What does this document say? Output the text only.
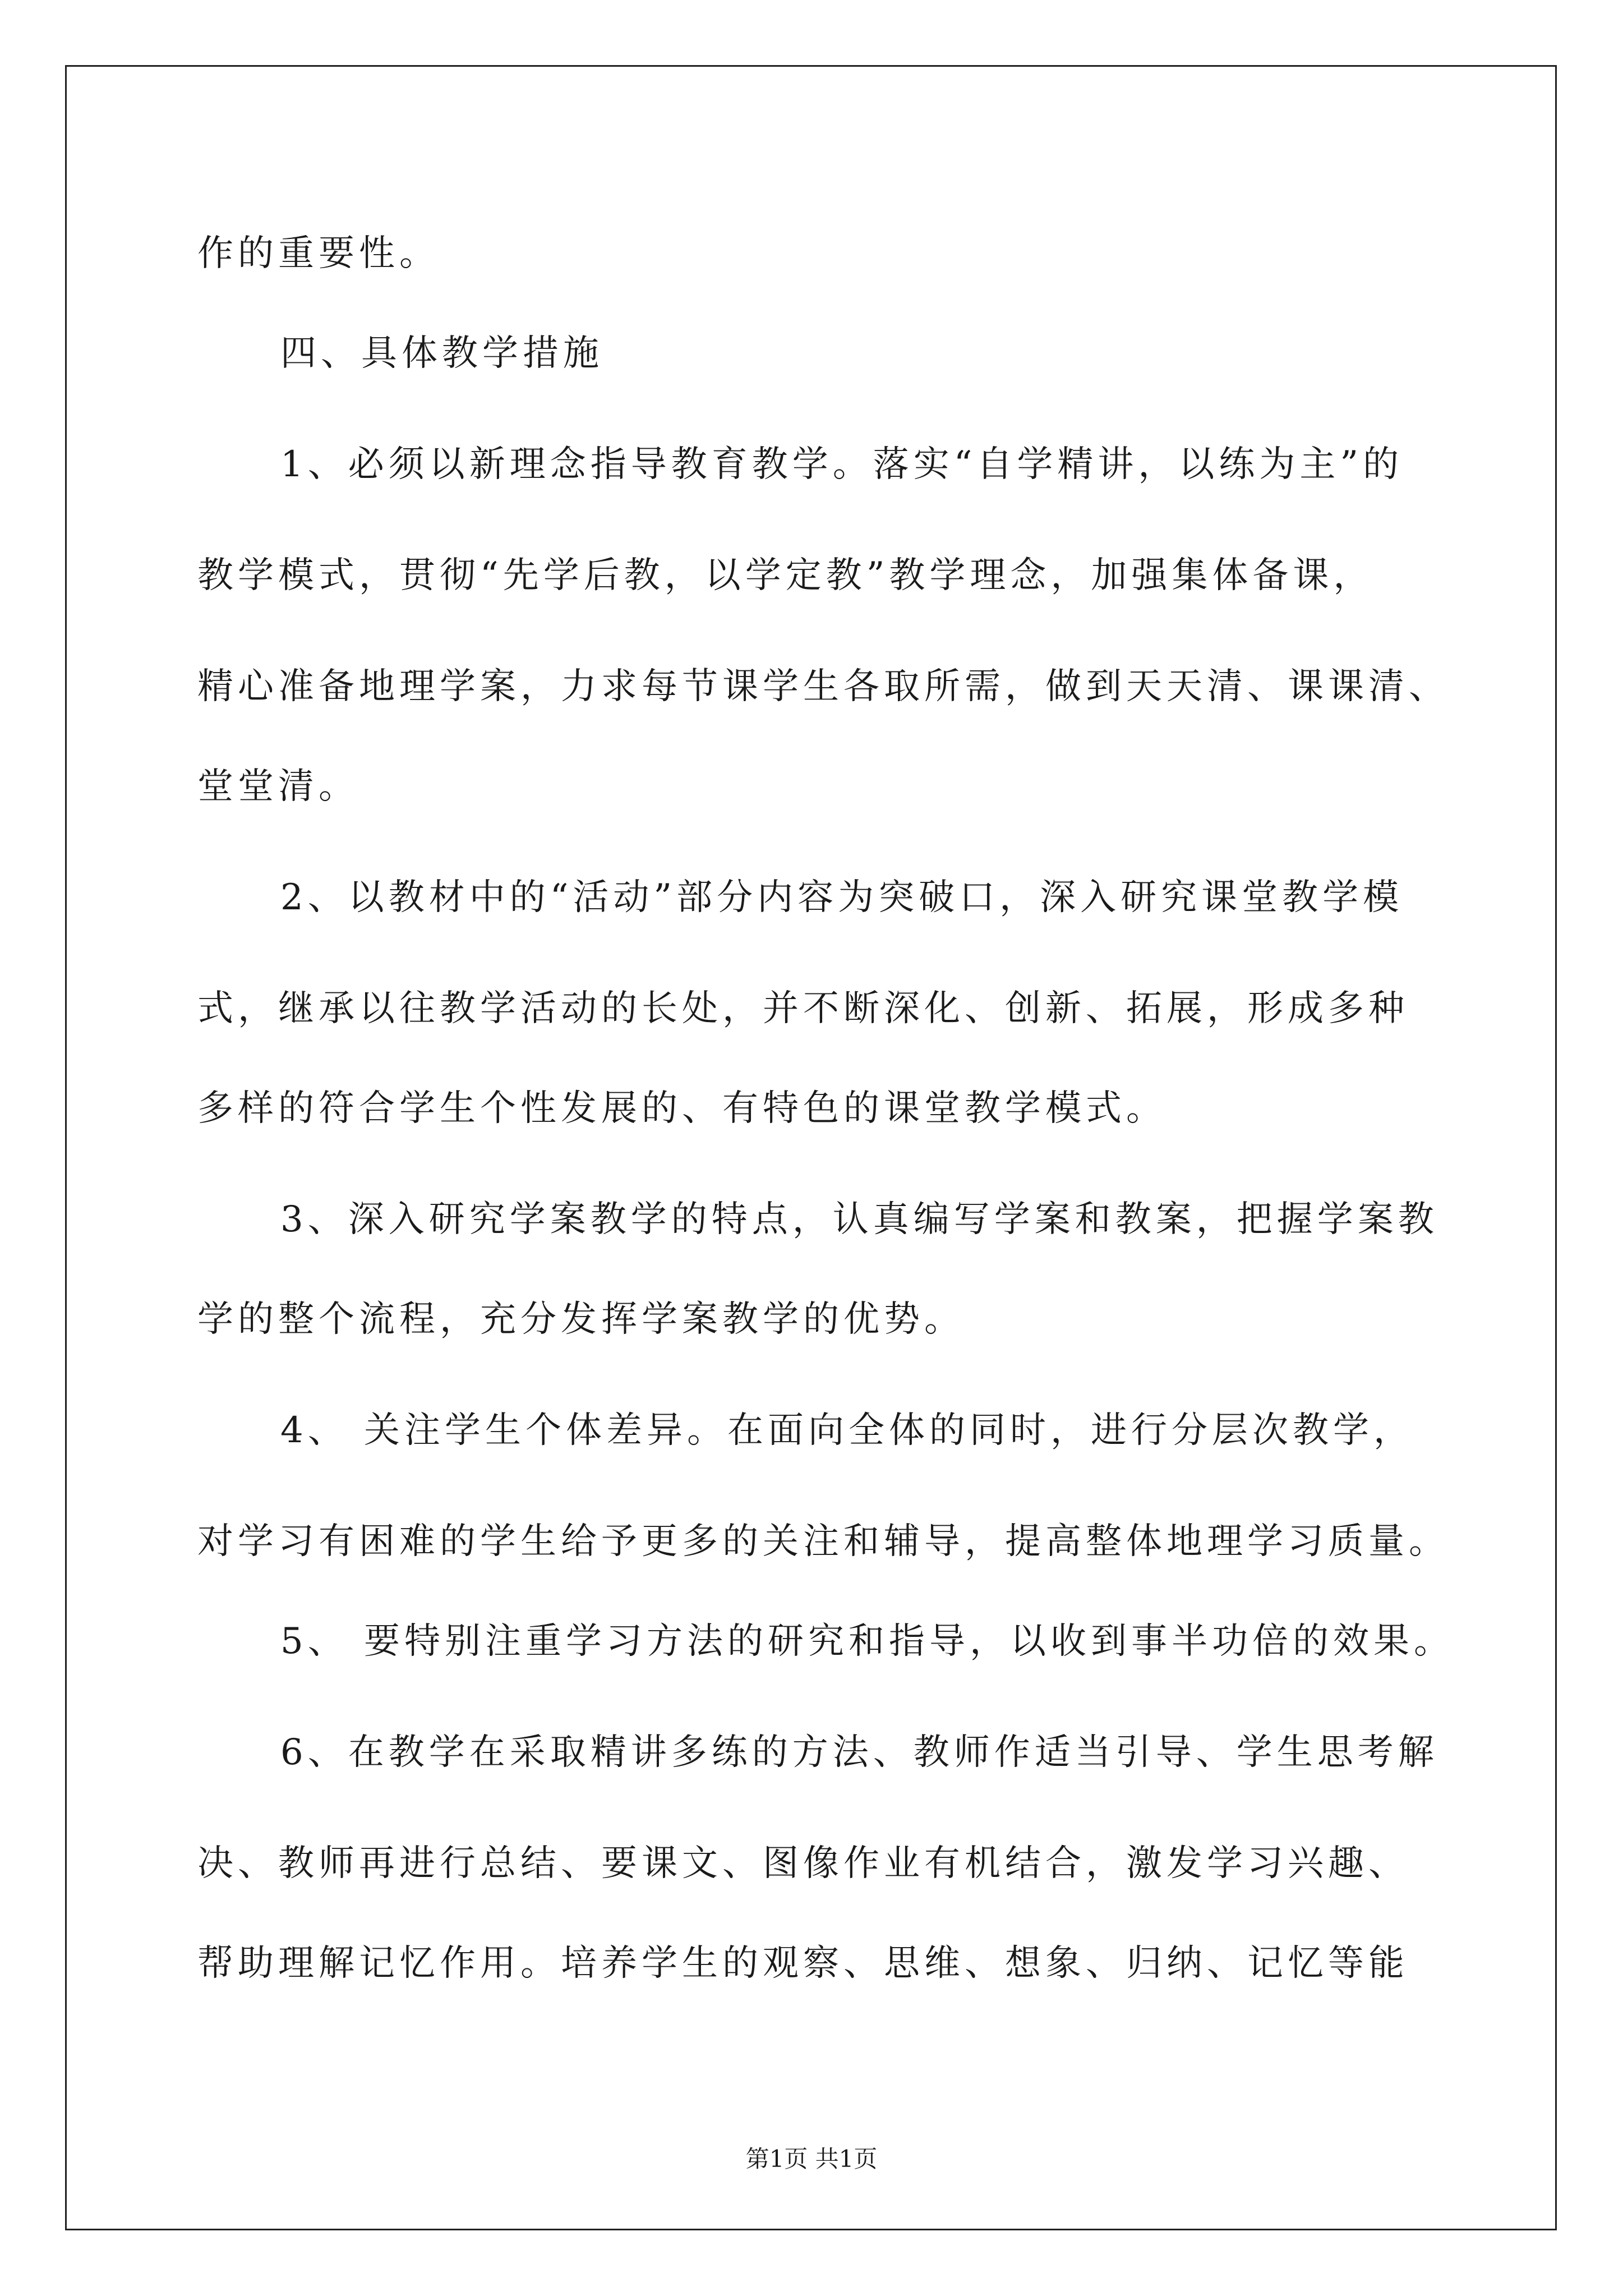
作的重要性。
四、具体教学措施
1、必须以新理念指导教育教学。落实“自学精讲，以练为主”的
教学模式，贯彻“先学后教，以学定教”教学理念，加强集体备课，
精心准备地理学案，力求每节课学生各取所需，做到天天清、课课清、
堂堂清。
2、以教材中的“活动”部分内容为突破口，深入研究课堂教学模
式，继承以往教学活动的长处，并不断深化、创新、拓展，形成多种
多样的符合学生个性发展的、有特色的课堂教学模式。
3、深入研究学案教学的特点，认真编写学案和教案，把握学案教
学的整个流程，充分发挥学案教学的优势。
4、 关注学生个体差异。在面向全体的同时，进行分层次教学，
对学习有困难的学生给予更多的关注和辅导，提高整体地理学习质量。
5、 要特别注重学习方法的研究和指导，以收到事半功倍的效果。
6、在教学在采取精讲多练的方法、教师作适当引导、学生思考解
决、教师再进行总结、要课文、图像作业有机结合，激发学习兴趣、
帮助理解记忆作用。培养学生的观察、思维、想象、归纳、记忆等能
第1页 共1页
